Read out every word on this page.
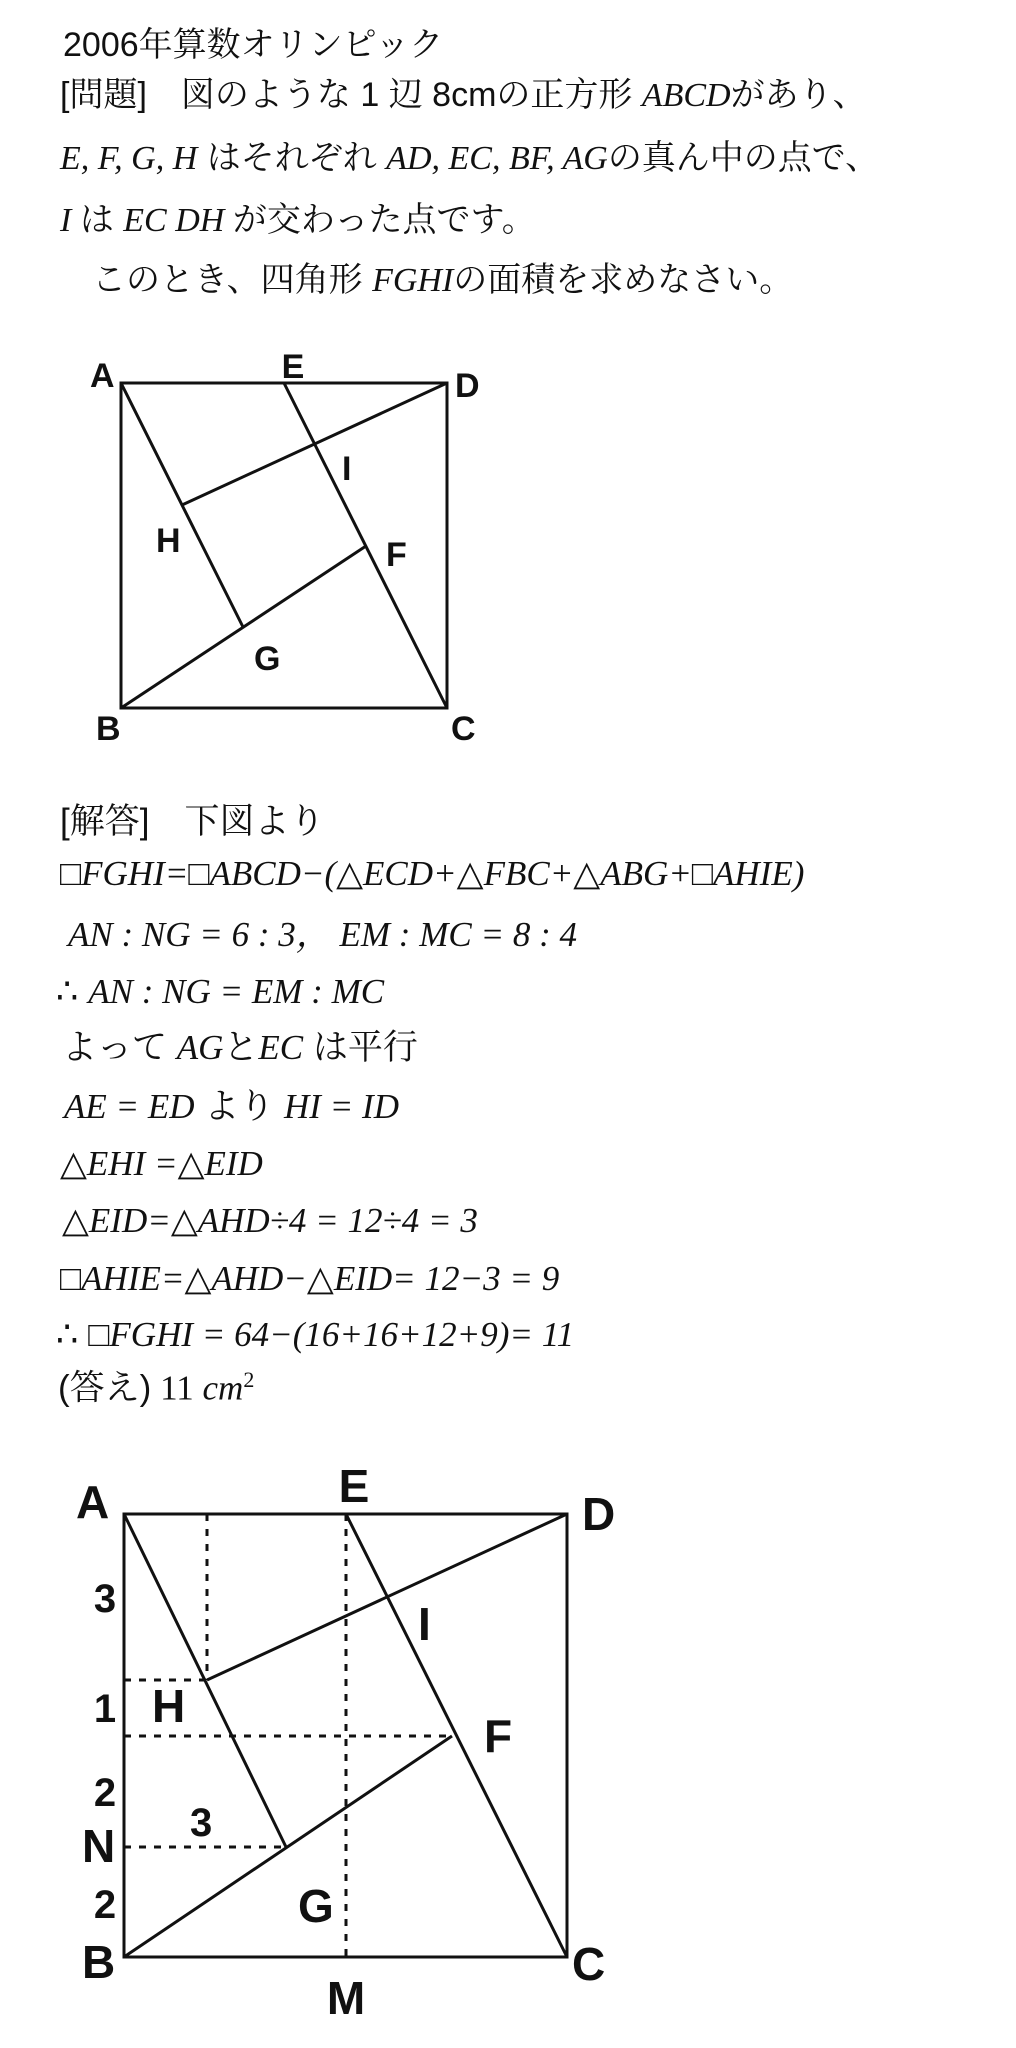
2006年算数オリンピック
[問題]　図のような 1 辺 8cmの正方形 ABCDがあり、
E, F, G, H はそれぞれ AD, EC, BF, AGの真ん中の点で、
I は EC DH が交わった点です。
このとき、四角形 FGHIの面積を求めなさい。
A	E	D
I
H	F
G
B	C
[解答]　下図より
□FGHI=□ABCD−(△ECD+△FBC+△ABG+□AHIE)
AN : NG = 6 : 3， EM : MC = 8 : 4
∴ AN : NG = EM : MC
よって AGとEC は平行
AE = ED より HI = ID
△EHI =△EID
△EID=△AHD÷4 = 12÷4 = 3
□AHIE=△AHD−△EID= 12−3 = 9
∴ □FGHI = 64−(16+16+12+9)= 11
(答え) 11 $cm^2$
A	E
D
I
H
F
G
B	C
M
N
3
1
2
2
3
